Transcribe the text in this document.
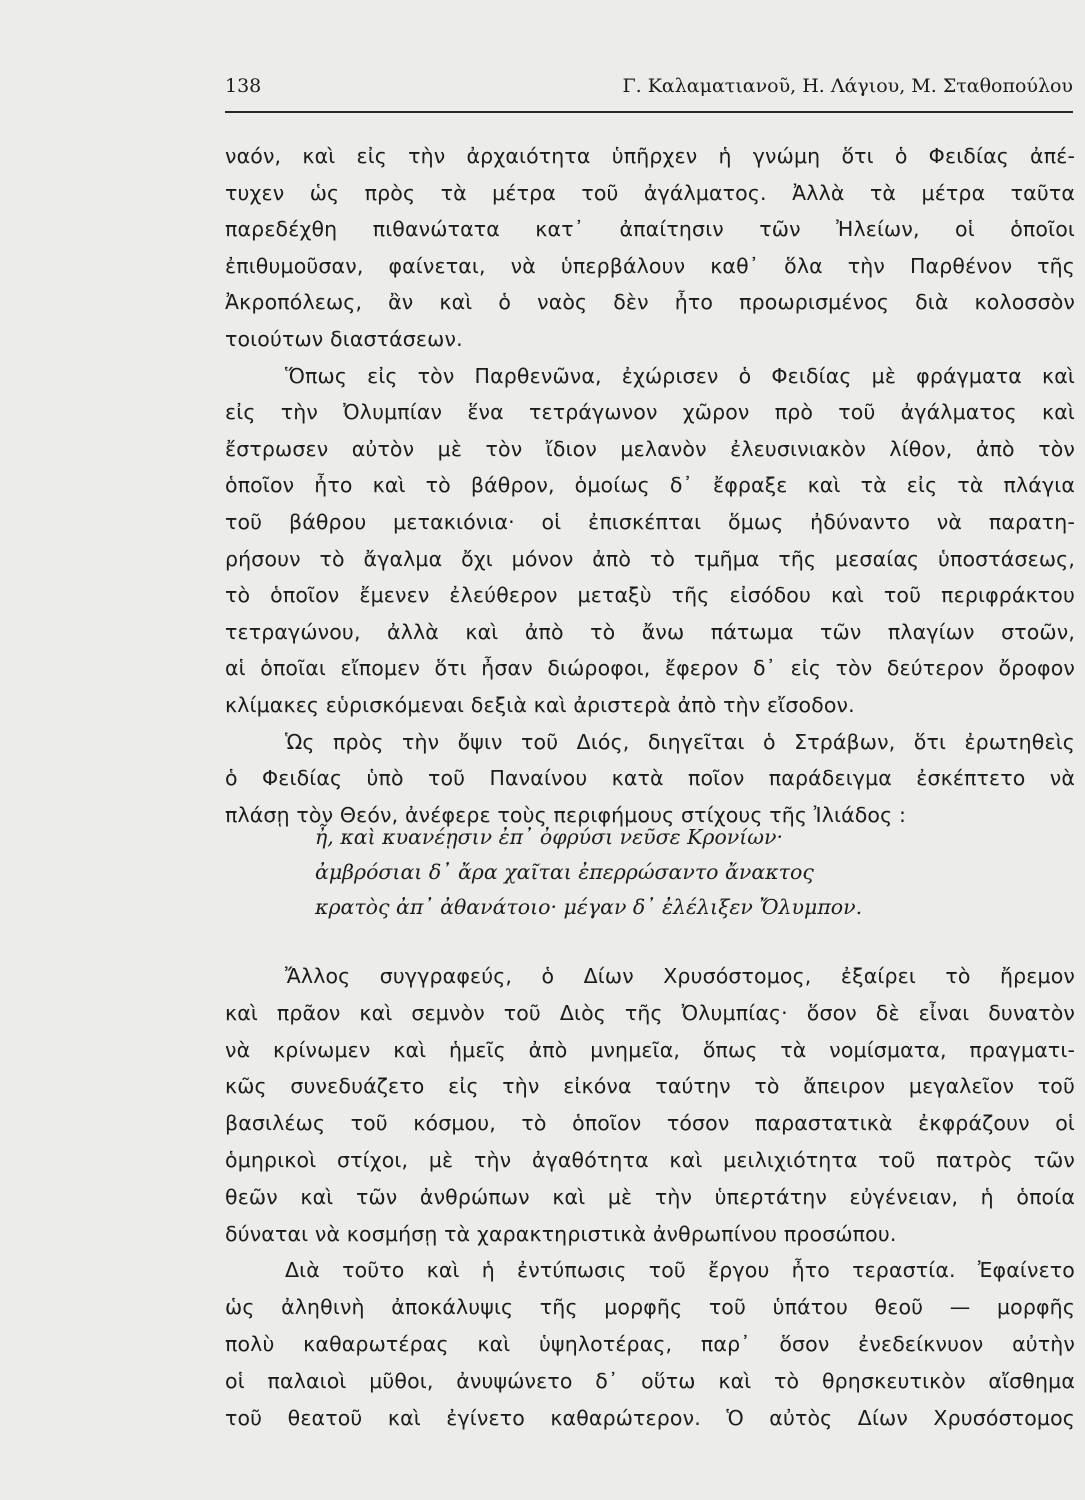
138	Γ. Καλαματιανοῦ, Η. Λάγιου, Μ. Σταθοπούλου
ναόν, καὶ εἰς τὴν ἀρχαιότητα ὑπῆρχεν ἡ γνώμη ὅτι ὁ Φειδίας ἀπέ-
τυχεν ὡς πρὸς τὰ μέτρα τοῦ ἀγάλματος. Ἀλλὰ τὰ μέτρα ταῦτα
παρεδέχθη πιθανώτατα κατ᾽ ἀπαίτησιν τῶν Ἠλείων, οἱ ὁποῖοι
ἐπιθυμοῦσαν, φαίνεται, νὰ ὑπερβάλουν καθ᾽ ὅλα τὴν Παρθένον τῆς
Ἀκροπόλεως, ἂν καὶ ὁ ναὸς δὲν ἦτο προωρισμένος διὰ κολοσσὸν
τοιούτων διαστάσεων.
Ὅπως εἰς τὸν Παρθενῶνα, ἐχώρισεν ὁ Φειδίας μὲ φράγματα καὶ
εἰς τὴν Ὀλυμπίαν ἕνα τετράγωνον χῶρον πρὸ τοῦ ἀγάλματος καὶ
ἔστρωσεν αὐτὸν μὲ τὸν ἴδιον μελανὸν ἐλευσινιακὸν λίθον, ἀπὸ τὸν
ὁποῖον ἦτο καὶ τὸ βάθρον, ὁμοίως δ᾽ ἔφραξε καὶ τὰ εἰς τὰ πλάγια
τοῦ βάθρου μετακιόνια· οἱ ἐπισκέπται ὅμως ἠδύναντο νὰ παρατη-
ρήσουν τὸ ἄγαλμα ὄχι μόνον ἀπὸ τὸ τμῆμα τῆς μεσαίας ὑποστάσεως,
τὸ ὁποῖον ἔμενεν ἐλεύθερον μεταξὺ τῆς εἰσόδου καὶ τοῦ περιφράκτου
τετραγώνου, ἀλλὰ καὶ ἀπὸ τὸ ἄνω πάτωμα τῶν πλαγίων στοῶν,
αἱ ὁποῖαι εἴπομεν ὅτι ἦσαν διώροφοι, ἔφερον δ᾽ εἰς τὸν δεύτερον ὄροφον
κλίμακες εὑρισκόμεναι δεξιὰ καὶ ἀριστερὰ ἀπὸ τὴν εἴσοδον.
Ὡς πρὸς τὴν ὄψιν τοῦ Διός, διηγεῖται ὁ Στράβων, ὅτι ἐρωτηθεὶς
ὁ Φειδίας ὑπὸ τοῦ Παναίνου κατὰ ποῖον παράδειγμα ἐσκέπτετο νὰ
πλάσῃ τὸν Θεόν, ἀνέφερε τοὺς περιφήμους στίχους τῆς Ἰλιάδος :
ἦ, καὶ κυανέῃσιν ἐπ᾽ ὀφρύσι νεῦσε Κρονίων·
ἀμβρόσιαι δ᾽ ἄρα χαῖται ἐπερρώσαντο ἄνακτος
κρατὸς ἀπ᾽ ἀθανάτοιο· μέγαν δ᾽ ἐλέλιξεν Ὄλυμπον.
Ἄλλος συγγραφεύς, ὁ Δίων Χρυσόστομος, ἐξαίρει τὸ ἤρεμον
καὶ πρᾶον καὶ σεμνὸν τοῦ Διὸς τῆς Ὀλυμπίας· ὅσον δὲ εἶναι δυνατὸν
νὰ κρίνωμεν καὶ ἡμεῖς ἀπὸ μνημεῖα, ὅπως τὰ νομίσματα, πραγματι-
κῶς συνεδυάζετο εἰς τὴν εἰκόνα ταύτην τὸ ἄπειρον μεγαλεῖον τοῦ
βασιλέως τοῦ κόσμου, τὸ ὁποῖον τόσον παραστατικὰ ἐκφράζουν οἱ
ὁμηρικοὶ στίχοι, μὲ τὴν ἀγαθότητα καὶ μειλιχιότητα τοῦ πατρὸς τῶν
θεῶν καὶ τῶν ἀνθρώπων καὶ μὲ τὴν ὑπερτάτην εὐγένειαν, ἡ ὁποία
δύναται νὰ κοσμήσῃ τὰ χαρακτηριστικὰ ἀνθρωπίνου προσώπου.
Διὰ τοῦτο καὶ ἡ ἐντύπωσις τοῦ ἔργου ἦτο τεραστία. Ἐφαίνετο
ὡς ἀληθινὴ ἀποκάλυψις τῆς μορφῆς τοῦ ὑπάτου θεοῦ — μορφῆς
πολὺ καθαρωτέρας καὶ ὑψηλοτέρας, παρ᾽ ὅσον ἐνεδείκνυον αὐτὴν
οἱ παλαιοὶ μῦθοι, ἀνυψώνετο δ᾽ οὕτω καὶ τὸ θρησκευτικὸν αἴσθημα
τοῦ θεατοῦ καὶ ἐγίνετο καθαρώτερον. Ὁ αὐτὸς Δίων Χρυσόστομος
